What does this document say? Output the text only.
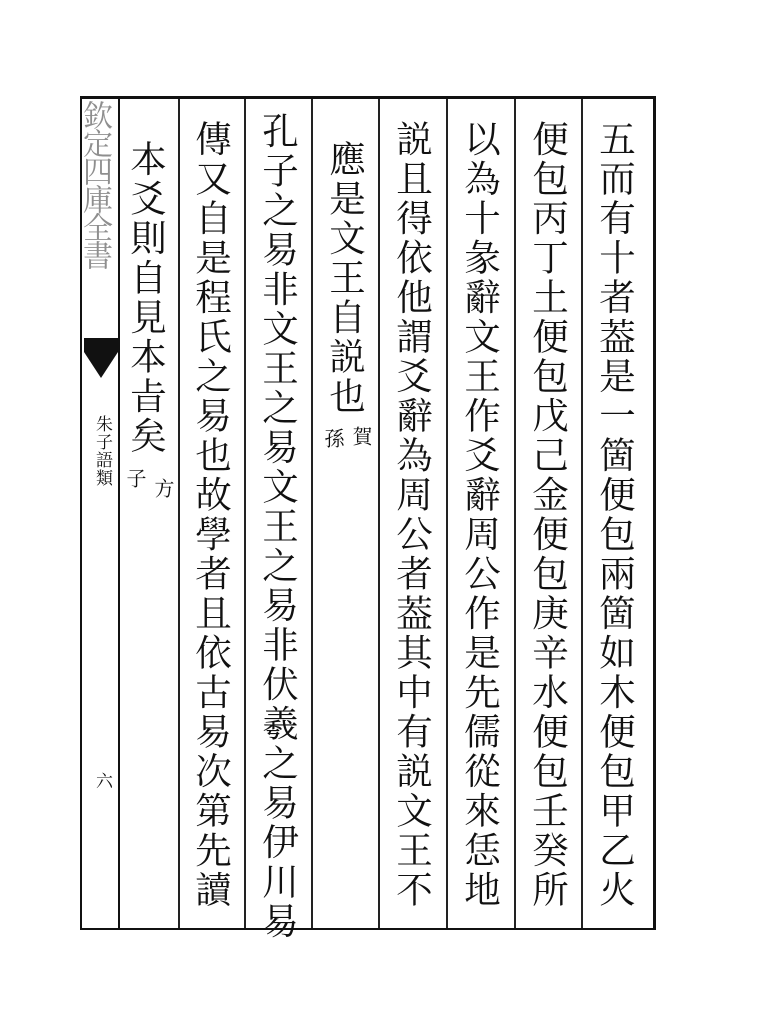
欽定四庫全書
朱子語類
六	五而有十者葢是一箇便包兩箇如木便包甲乙火
便包丙丁土便包戊己金便包庚辛水便包壬癸所
以為十彖辭文王作爻辭周公作是先儒從來恁地
説且得依他謂爻辭為周公者葢其中有説文王不
應是文王自説也
賀
孫
孔子之易非文王之易文王之易非伏羲之易伊川易
傳又自是程氏之易也故學者且依古易次第先讀
本爻則自見本㫖矣
方
子
